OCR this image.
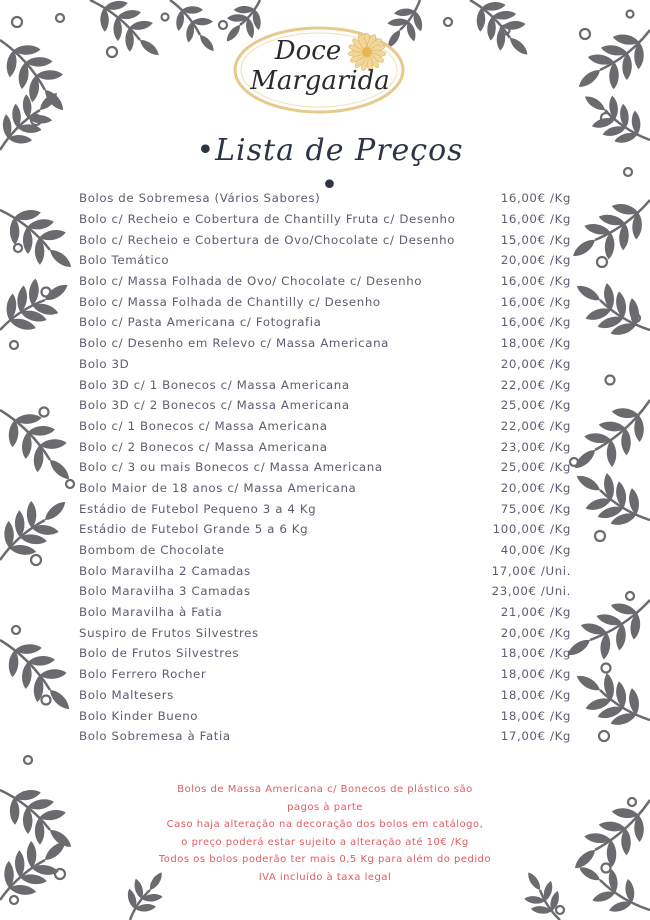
Doce
Margarida
•Lista de Preços •
Bolos de Sobremesa (Vários Sabores)	16,00€ /Kg
Bolo c/ Recheio e Cobertura de Chantilly Fruta c/ Desenho	16,00€ /Kg
Bolo c/ Recheio e Cobertura de Ovo/Chocolate c/ Desenho	15,00€ /Kg
Bolo Temático	20,00€ /Kg
Bolo c/ Massa Folhada de Ovo/ Chocolate c/ Desenho	16,00€ /Kg
Bolo c/ Massa Folhada de Chantilly c/ Desenho	16,00€ /Kg
Bolo c/ Pasta Americana c/ Fotografia	16,00€ /Kg
Bolo c/ Desenho em Relevo c/ Massa Americana	18,00€ /Kg
Bolo 3D	20,00€ /Kg
Bolo 3D c/ 1 Bonecos c/ Massa Americana	22,00€ /Kg
Bolo 3D c/ 2 Bonecos c/ Massa Americana	25,00€ /Kg
Bolo c/ 1 Bonecos c/ Massa Americana	22,00€ /Kg
Bolo c/ 2 Bonecos c/ Massa Americana	23,00€ /Kg
Bolo c/ 3 ou mais Bonecos c/ Massa Americana	25,00€ /Kg
Bolo Maior de 18 anos c/ Massa Americana	20,00€ /Kg
Estádio de Futebol Pequeno 3 a 4 Kg	75,00€ /Kg
Estádio de Futebol Grande 5 a 6 Kg	100,00€ /Kg
Bombom de Chocolate	40,00€ /Kg
Bolo Maravilha 2 Camadas	17,00€ /Uni.
Bolo Maravilha 3 Camadas	23,00€ /Uni.
Bolo Maravilha à Fatia	21,00€ /Kg
Suspiro de Frutos Silvestres	20,00€ /Kg
Bolo de Frutos Silvestres	18,00€ /Kg
Bolo Ferrero Rocher	18,00€ /Kg
Bolo Maltesers	18,00€ /Kg
Bolo Kinder Bueno	18,00€ /Kg
Bolo Sobremesa à Fatia	17,00€ /Kg
Bolos de Massa Americana c/ Bonecos de plástico são
pagos à parte
Caso haja alteração na decoração dos bolos em catálogo,
o preço poderá estar sujeito a alteração até 10€ /Kg
Todos os bolos poderão ter mais 0,5 Kg para além do pedido
IVA incluído à taxa legal
